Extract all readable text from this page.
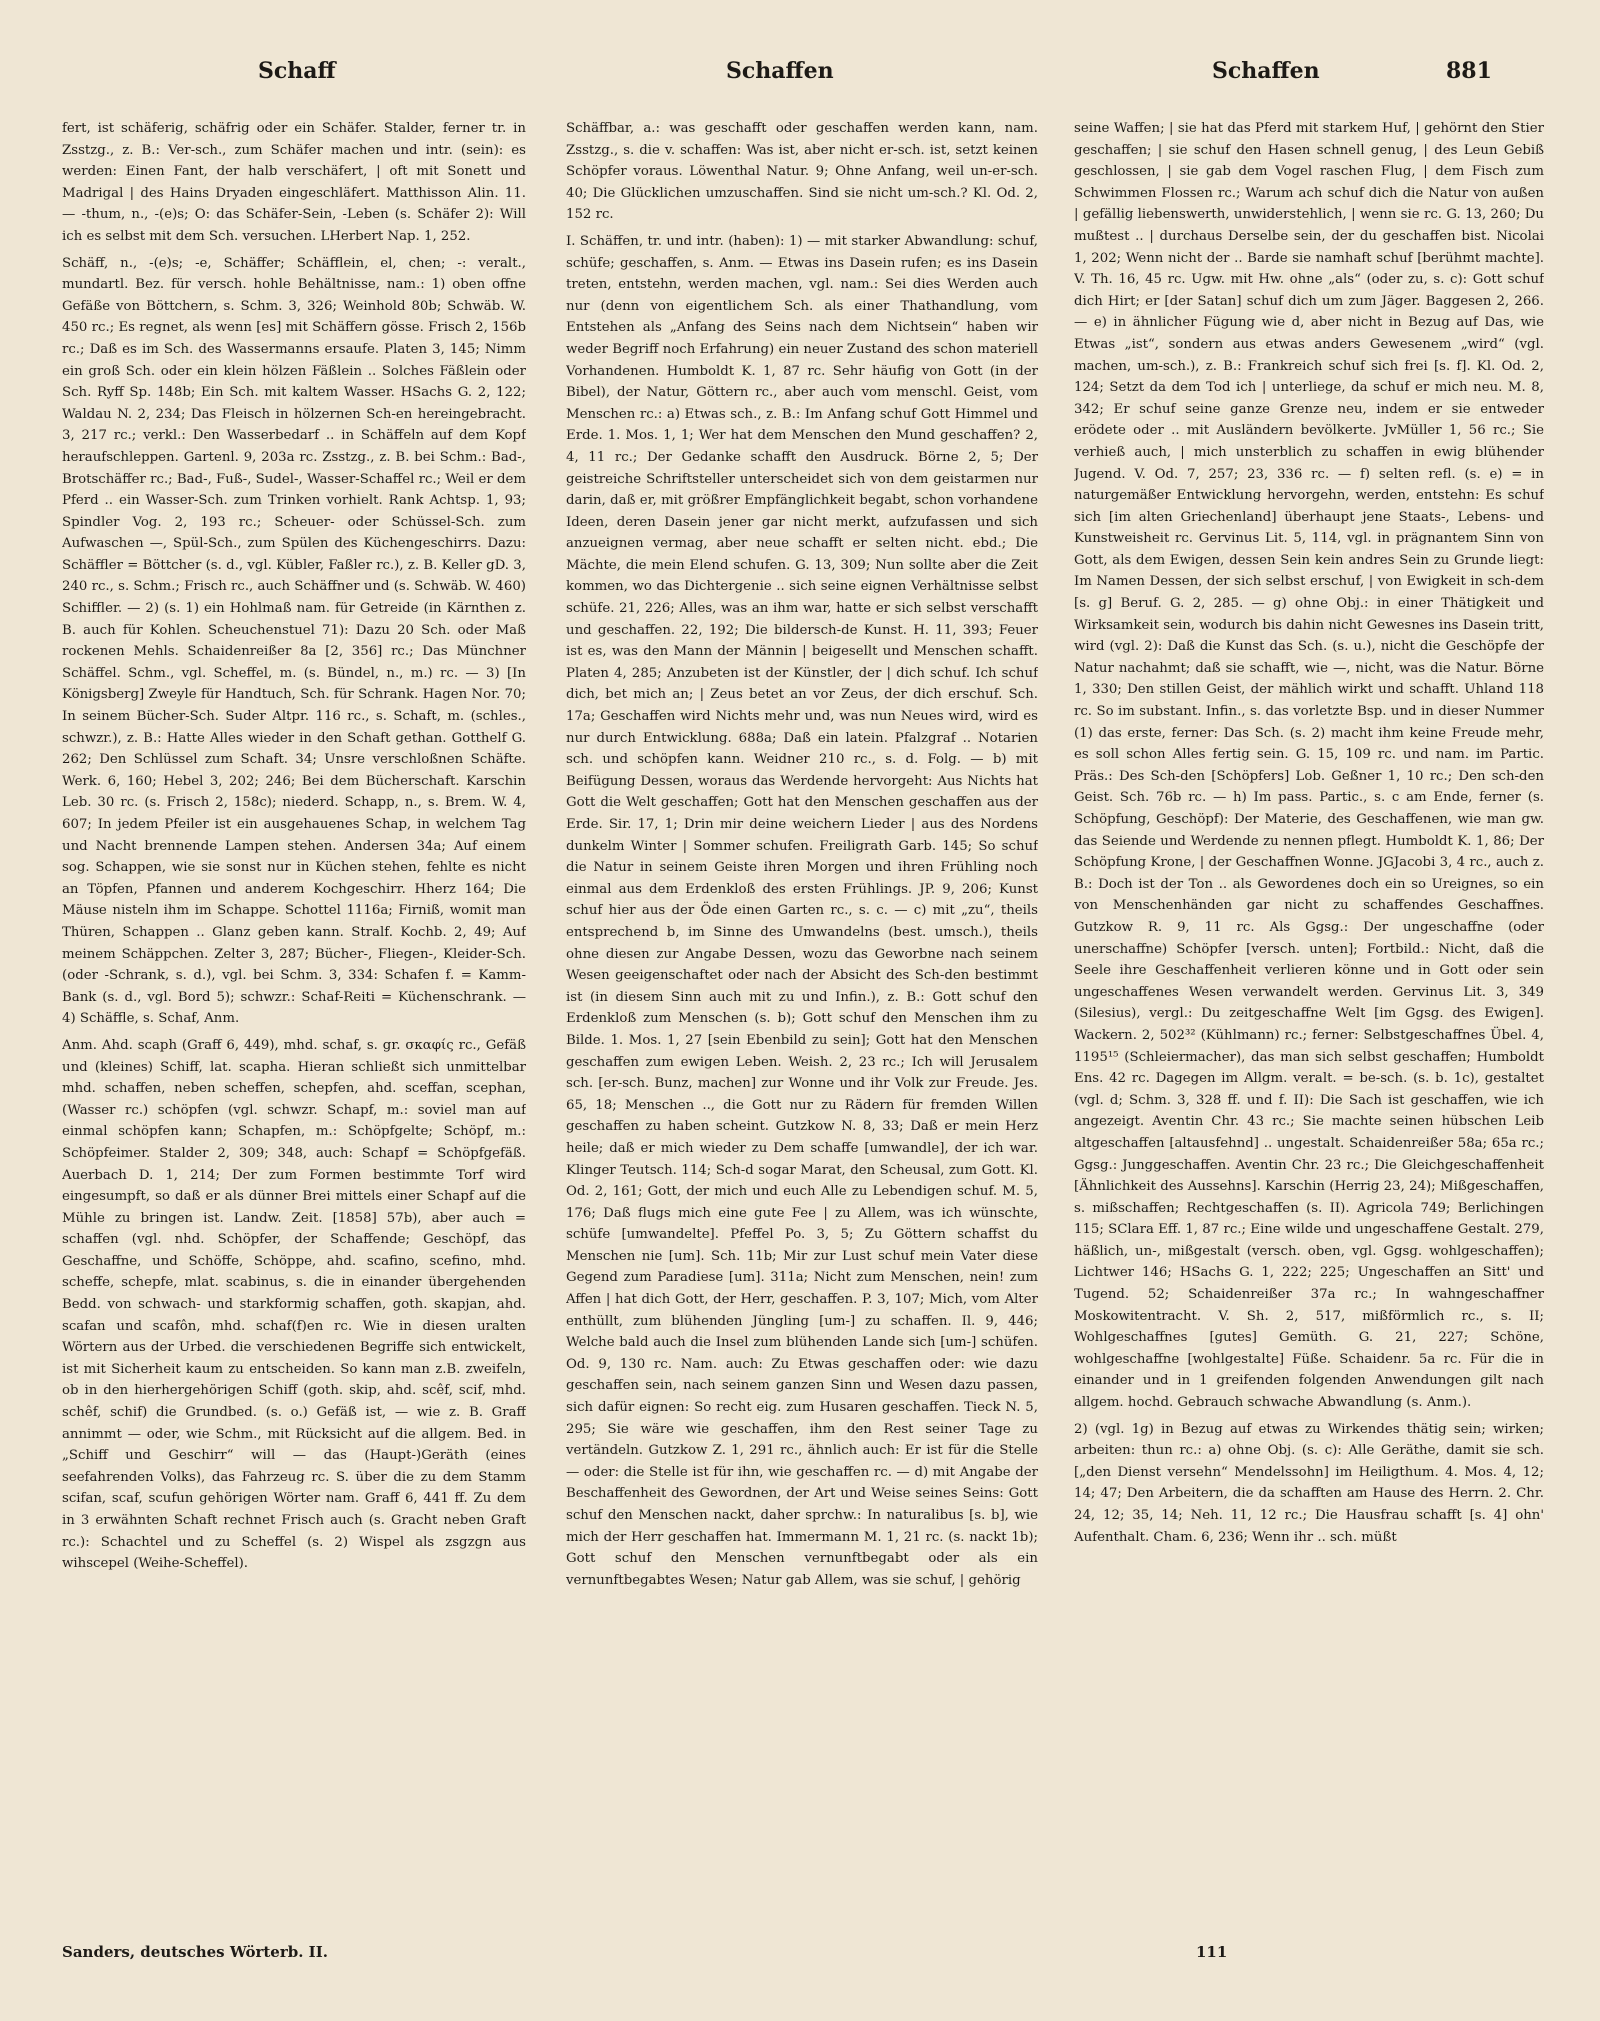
Schaff	Schaffen	Schaffen	881

fert, ist schäferig, schäfrig oder ein Schäfer. Stalder, ferner tr. in Zsstzg., z. B.: Ver-sch., zum Schäfer machen und intr. (sein): es werden: Einen Fant, der halb verschäfert, | oft mit Sonett und Madrigal | des Hains Dryaden eingeschläfert. Matthisson Alin. 11. — -thum, n., -(e)s; O: das Schäfer-Sein, -Leben (s. Schäfer 2): Will ich es selbst mit dem Sch. versuchen. LHerbert Nap. 1, 252.

Schäff, n., -(e)s; -e, Schäffer; Schäfflein, el, chen; -: veralt., mundartl. Bez. für versch. hohle Behältnisse, nam.: 1) oben offne Gefäße von Böttchern, s. Schm. 3, 326; Weinhold 80b; Schwäb. W. 450 rc.; Es regnet, als wenn [es] mit Schäffern gösse. Frisch 2, 156b rc.; Daß es im Sch. des Wassermanns ersaufe. Platen 3, 145; Nimm ein groß Sch. oder ein klein hölzen Fäßlein .. Solches Fäßlein oder Sch. Ryff Sp. 148b; Ein Sch. mit kaltem Wasser. HSachs G. 2, 122; Waldau N. 2, 234; Das Fleisch in hölzernen Sch-en hereingebracht. 3, 217 rc.; verkl.: Den Wasserbedarf .. in Schäffeln auf dem Kopf heraufschleppen. Gartenl. 9, 203a rc. Zsstzg., z. B. bei Schm.: Bad-, Brotschäffer rc.; Bad-, Fuß-, Sudel-, Wasser-Schaffel rc.; Weil er dem Pferd .. ein Wasser-Sch. zum Trinken vorhielt. Rank Achtsp. 1, 93; Spindler Vog. 2, 193 rc.; Scheuer- oder Schüssel-Sch. zum Aufwaschen —, Spül-Sch., zum Spülen des Küchengeschirrs. Dazu: Schäffler = Böttcher (s. d., vgl. Kübler, Faßler rc.), z. B. Keller gD. 3, 240 rc., s. Schm.; Frisch rc., auch Schäffner und (s. Schwäb. W. 460) Schiffler. — 2) (s. 1) ein Hohlmaß nam. für Getreide (in Kärnthen z. B. auch für Kohlen. Scheuchenstuel 71): Dazu 20 Sch. oder Maß rockenen Mehls. Schaidenreißer 8a [2, 356] rc.; Das Münchner Schäffel. Schm., vgl. Scheffel, m. (s. Bündel, n., m.) rc. — 3) [In Königsberg] Zweyle für Handtuch, Sch. für Schrank. Hagen Nor. 70; In seinem Bücher-Sch. Suder Altpr. 116 rc., s. Schaft, m. (schles., schwzr.), z. B.: Hatte Alles wieder in den Schaft gethan. Gotthelf G. 262; Den Schlüssel zum Schaft. 34; Unsre verschloßnen Schäfte. Werk. 6, 160; Hebel 3, 202; 246; Bei dem Bücherschaft. Karschin Leb. 30 rc. (s. Frisch 2, 158c); niederd. Schapp, n., s. Brem. W. 4, 607; In jedem Pfeiler ist ein ausgehauenes Schap, in welchem Tag und Nacht brennende Lampen stehen. Andersen 34a; Auf einem sog. Schappen, wie sie sonst nur in Küchen stehen, fehlte es nicht an Töpfen, Pfannen und anderem Kochgeschirr. Hherz 164; Die Mäuse nisteln ihm im Schappe. Schottel 1116a; Firniß, womit man Thüren, Schappen .. Glanz geben kann. Stralf. Kochb. 2, 49; Auf meinem Schäppchen. Zelter 3, 287; Bücher-, Fliegen-, Kleider-Sch. (oder -Schrank, s. d.), vgl. bei Schm. 3, 334: Schafen f. = Kamm-Bank (s. d., vgl. Bord 5); schwzr.: Schaf-Reiti = Küchenschrank. — 4) Schäffle, s. Schaf, Anm.

Anm. Ahd. scaph (Graff 6, 449), mhd. schaf, s. gr. σκαφίς rc., Gefäß und (kleines) Schiff, lat. scapha. Hieran schließt sich unmittelbar mhd. schaffen, neben scheffen, schepfen, ahd. sceffan, scephan, (Wasser rc.) schöpfen (vgl. schwzr. Schapf, m.: soviel man auf einmal schöpfen kann; Schapfen, m.: Schöpfgelte; Schöpf, m.: Schöpfeimer. Stalder 2, 309; 348, auch: Schapf = Schöpfgefäß. Auerbach D. 1, 214; Der zum Formen bestimmte Torf wird eingesumpft, so daß er als dünner Brei mittels einer Schapf auf die Mühle zu bringen ist. Landw. Zeit. [1858] 57b), aber auch = schaffen (vgl. nhd. Schöpfer, der Schaffende; Geschöpf, das Geschaffne, und Schöffe, Schöppe, ahd. scafino, scefino, mhd. scheffe, schepfe, mlat. scabinus, s. die in einander übergehenden Bedd. von schwach- und starkformig schaffen, goth. skapjan, ahd. scafan und scafôn, mhd. schaf(f)en rc. Wie in diesen uralten Wörtern aus der Urbed. die verschiedenen Begriffe sich entwickelt, ist mit Sicherheit kaum zu entscheiden. So kann man z.B. zweifeln, ob in den hierhergehörigen Schiff (goth. skip, ahd. scêf, scif, mhd. schêf, schif) die Grundbed. (s. o.) Gefäß ist, — wie z. B. Graff annimmt — oder, wie Schm., mit Rücksicht auf die allgem. Bed. in „Schiff und Geschirr“ will — das (Haupt-)Geräth (eines seefahrenden Volks), das Fahrzeug rc. S. über die zu dem Stamm scifan, scaf, scufun gehörigen Wörter nam. Graff 6, 441 ff. Zu dem in 3 erwähnten Schaft rechnet Frisch auch (s. Gracht neben Graft rc.): Schachtel und zu Scheffel (s. 2) Wispel als zsgzgn aus wihscepel (Weihe-Scheffel).

Schäffbar, a.: was geschafft oder geschaffen werden kann, nam. Zsstzg., s. die v. schaffen: Was ist, aber nicht er-sch. ist, setzt keinen Schöpfer voraus. Löwenthal Natur. 9; Ohne Anfang, weil un-er-sch. 40; Die Glücklichen umzuschaffen. Sind sie nicht um-sch.? Kl. Od. 2, 152 rc.

I. Schäffen, tr. und intr. (haben): 1) — mit starker Abwandlung: schuf, schüfe; geschaffen, s. Anm. — Etwas ins Dasein rufen; es ins Dasein treten, entstehn, werden machen, vgl. nam.: Sei dies Werden auch nur (denn von eigentlichem Sch. als einer Thathandlung, vom Entstehen als „Anfang des Seins nach dem Nichtsein“ haben wir weder Begriff noch Erfahrung) ein neuer Zustand des schon materiell Vorhandenen. Humboldt K. 1, 87 rc. Sehr häufig von Gott (in der Bibel), der Natur, Göttern rc., aber auch vom menschl. Geist, vom Menschen rc.: a) Etwas sch., z. B.: Im Anfang schuf Gott Himmel und Erde. 1. Mos. 1, 1; Wer hat dem Menschen den Mund geschaffen? 2, 4, 11 rc.; Der Gedanke schafft den Ausdruck. Börne 2, 5; Der geistreiche Schriftsteller unterscheidet sich von dem geistarmen nur darin, daß er, mit größrer Empfänglichkeit begabt, schon vorhandene Ideen, deren Dasein jener gar nicht merkt, aufzufassen und sich anzueignen vermag, aber neue schafft er selten nicht. ebd.; Die Mächte, die mein Elend schufen. G. 13, 309; Nun sollte aber die Zeit kommen, wo das Dichtergenie .. sich seine eignen Verhältnisse selbst schüfe. 21, 226; Alles, was an ihm war, hatte er sich selbst verschafft und geschaffen. 22, 192; Die bildersch-de Kunst. H. 11, 393; Feuer ist es, was den Mann der Männin | beigesellt und Menschen schafft. Platen 4, 285; Anzubeten ist der Künstler, der | dich schuf. Ich schuf dich, bet mich an; | Zeus betet an vor Zeus, der dich erschuf. Sch. 17a; Geschaffen wird Nichts mehr und, was nun Neues wird, wird es nur durch Entwicklung. 688a; Daß ein latein. Pfalzgraf .. Notarien sch. und schöpfen kann. Weidner 210 rc., s. d. Folg. — b) mit Beifügung Dessen, woraus das Werdende hervorgeht: Aus Nichts hat Gott die Welt geschaffen; Gott hat den Menschen geschaffen aus der Erde. Sir. 17, 1; Drin mir deine weichern Lieder | aus des Nordens dunkelm Winter | Sommer schufen. Freiligrath Garb. 145; So schuf die Natur in seinem Geiste ihren Morgen und ihren Frühling noch einmal aus dem Erdenkloß des ersten Frühlings. JP. 9, 206; Kunst schuf hier aus der Öde einen Garten rc., s. c. — c) mit „zu“, theils entsprechend b, im Sinne des Umwandelns (best. umsch.), theils ohne diesen zur Angabe Dessen, wozu das Geworbne nach seinem Wesen geeigenschaftet oder nach der Absicht des Sch-den bestimmt ist (in diesem Sinn auch mit zu und Infin.), z. B.: Gott schuf den Erdenkloß zum Menschen (s. b); Gott schuf den Menschen ihm zu Bilde. 1. Mos. 1, 27 [sein Ebenbild zu sein]; Gott hat den Menschen geschaffen zum ewigen Leben. Weish. 2, 23 rc.; Ich will Jerusalem sch. [er-sch. Bunz, machen] zur Wonne und ihr Volk zur Freude. Jes. 65, 18; Menschen .., die Gott nur zu Rädern für fremden Willen geschaffen zu haben scheint. Gutzkow N. 8, 33; Daß er mein Herz heile; daß er mich wieder zu Dem schaffe [umwandle], der ich war. Klinger Teutsch. 114; Sch-d sogar Marat, den Scheusal, zum Gott. Kl. Od. 2, 161; Gott, der mich und euch Alle zu Lebendigen schuf. M. 5, 176; Daß flugs mich eine gute Fee | zu Allem, was ich wünschte, schüfe [umwandelte]. Pfeffel Po. 3, 5; Zu Göttern schaffst du Menschen nie [um]. Sch. 11b; Mir zur Lust schuf mein Vater diese Gegend zum Paradiese [um]. 311a; Nicht zum Menschen, nein! zum Affen | hat dich Gott, der Herr, geschaffen. P. 3, 107; Mich, vom Alter enthüllt, zum blühenden Jüngling [um-] zu schaffen. Il. 9, 446; Welche bald auch die Insel zum blühenden Lande sich [um-] schüfen. Od. 9, 130 rc. Nam. auch: Zu Etwas geschaffen oder: wie dazu geschaffen sein, nach seinem ganzen Sinn und Wesen dazu passen, sich dafür eignen: So recht eig. zum Husaren geschaffen. Tieck N. 5, 295; Sie wäre wie geschaffen, ihm den Rest seiner Tage zu vertändeln. Gutzkow Z. 1, 291 rc., ähnlich auch: Er ist für die Stelle — oder: die Stelle ist für ihn, wie geschaffen rc. — d) mit Angabe der Beschaffenheit des Gewordnen, der Art und Weise seines Seins: Gott schuf den Menschen nackt, daher sprchw.: In naturalibus [s. b], wie mich der Herr geschaffen hat. Immermann M. 1, 21 rc. (s. nackt 1b); Gott schuf den Menschen vernunftbegabt oder als ein vernunftbegabtes Wesen; Natur gab Allem, was sie schuf, | gehörig

seine Waffen; | sie hat das Pferd mit starkem Huf, | gehörnt den Stier geschaffen; | sie schuf den Hasen schnell genug, | des Leun Gebiß geschlossen, | sie gab dem Vogel raschen Flug, | dem Fisch zum Schwimmen Flossen rc.; Warum ach schuf dich die Natur von außen | gefällig liebenswerth, unwiderstehlich, | wenn sie rc. G. 13, 260; Du mußtest .. | durchaus Derselbe sein, der du geschaffen bist. Nicolai 1, 202; Wenn nicht der .. Barde sie namhaft schuf [berühmt machte]. V. Th. 16, 45 rc. Ugw. mit Hw. ohne „als“ (oder zu, s. c): Gott schuf dich Hirt; er [der Satan] schuf dich um zum Jäger. Baggesen 2, 266. — e) in ähnlicher Fügung wie d, aber nicht in Bezug auf Das, wie Etwas „ist“, sondern aus etwas anders Gewesenem „wird“ (vgl. machen, um-sch.), z. B.: Frankreich schuf sich frei [s. f]. Kl. Od. 2, 124; Setzt da dem Tod ich | unterliege, da schuf er mich neu. M. 8, 342; Er schuf seine ganze Grenze neu, indem er sie entweder erödete oder .. mit Ausländern bevölkerte. JvMüller 1, 56 rc.; Sie verhieß auch, | mich unsterblich zu schaffen in ewig blühender Jugend. V. Od. 7, 257; 23, 336 rc. — f) selten refl. (s. e) = in naturgemäßer Entwicklung hervorgehn, werden, entstehn: Es schuf sich [im alten Griechenland] überhaupt jene Staats-, Lebens- und Kunstweisheit rc. Gervinus Lit. 5, 114, vgl. in prägnantem Sinn von Gott, als dem Ewigen, dessen Sein kein andres Sein zu Grunde liegt: Im Namen Dessen, der sich selbst erschuf, | von Ewigkeit in sch-dem [s. g] Beruf. G. 2, 285. — g) ohne Obj.: in einer Thätigkeit und Wirksamkeit sein, wodurch bis dahin nicht Gewesnes ins Dasein tritt, wird (vgl. 2): Daß die Kunst das Sch. (s. u.), nicht die Geschöpfe der Natur nachahmt; daß sie schafft, wie —, nicht, was die Natur. Börne 1, 330; Den stillen Geist, der mählich wirkt und schafft. Uhland 118 rc. So im substant. Infin., s. das vorletzte Bsp. und in dieser Nummer (1) das erste, ferner: Das Sch. (s. 2) macht ihm keine Freude mehr, es soll schon Alles fertig sein. G. 15, 109 rc. und nam. im Partic. Präs.: Des Sch-den [Schöpfers] Lob. Geßner 1, 10 rc.; Den sch-den Geist. Sch. 76b rc. — h) Im pass. Partic., s. c am Ende, ferner (s. Schöpfung, Geschöpf): Der Materie, des Geschaffenen, wie man gw. das Seiende und Werdende zu nennen pflegt. Humboldt K. 1, 86; Der Schöpfung Krone, | der Geschaffnen Wonne. JGJacobi 3, 4 rc., auch z. B.: Doch ist der Ton .. als Gewordenes doch ein so Ureignes, so ein von Menschenhänden gar nicht zu schaffendes Geschaffnes. Gutzkow R. 9, 11 rc. Als Ggsg.: Der ungeschaffne (oder unerschaffne) Schöpfer [versch. unten]; Fortbild.: Nicht, daß die Seele ihre Geschaffenheit verlieren könne und in Gott oder sein ungeschaffenes Wesen verwandelt werden. Gervinus Lit. 3, 349 (Silesius), vergl.: Du zeitgeschaffne Welt [im Ggsg. des Ewigen]. Wackern. 2, 502³² (Kühlmann) rc.; ferner: Selbstgeschaffnes Übel. 4, 1195¹⁵ (Schleiermacher), das man sich selbst geschaffen; Humboldt Ens. 42 rc. Dagegen im Allgm. veralt. = be-sch. (s. b. 1c), gestaltet (vgl. d; Schm. 3, 328 ff. und f. II): Die Sach ist geschaffen, wie ich angezeigt. Aventin Chr. 43 rc.; Sie machte seinen hübschen Leib altgeschaffen [altausfehnd] .. ungestalt. Schaidenreißer 58a; 65a rc.; Ggsg.: Junggeschaffen. Aventin Chr. 23 rc.; Die Gleichgeschaffenheit [Ähnlichkeit des Aussehns]. Karschin (Herrig 23, 24); Mißgeschaffen, s. mißschaffen; Rechtgeschaffen (s. II). Agricola 749; Berlichingen 115; SClara Eff. 1, 87 rc.; Eine wilde und ungeschaffene Gestalt. 279, häßlich, un-, mißgestalt (versch. oben, vgl. Ggsg. wohlgeschaffen); Lichtwer 146; HSachs G. 1, 222; 225; Ungeschaffen an Sitt' und Tugend. 52; Schaidenreißer 37a rc.; In wahngeschaffner Moskowitentracht. V. Sh. 2, 517, mißförmlich rc., s. II; Wohlgeschaffnes [gutes] Gemüth. G. 21, 227; Schöne, wohlgeschaffne [wohlgestalte] Füße. Schaidenr. 5a rc. Für die in einander und in 1 greifenden folgenden Anwendungen gilt nach allgem. hochd. Gebrauch schwache Abwandlung (s. Anm.).

2) (vgl. 1g) in Bezug auf etwas zu Wirkendes thätig sein; wirken; arbeiten: thun rc.: a) ohne Obj. (s. c): Alle Geräthe, damit sie sch. [„den Dienst versehn“ Mendelssohn] im Heiligthum. 4. Mos. 4, 12; 14; 47; Den Arbeitern, die da schafften am Hause des Herrn. 2. Chr. 24, 12; 35, 14; Neh. 11, 12 rc.; Die Hausfrau schafft [s. 4] ohn' Aufenthalt. Cham. 6, 236; Wenn ihr .. sch. müßt

Sanders, deutsches Wörterb. II.	111
